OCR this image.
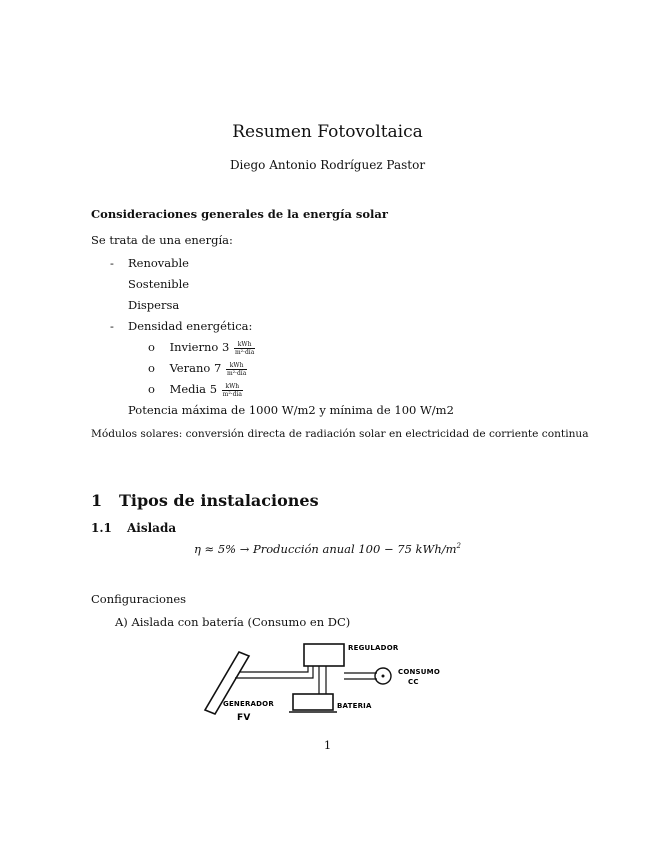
Resumen Fotovoltaica
Diego Antonio Rodríguez Pastor
Consideraciones generales de la energía solar
Se trata de una energía:
- Renovable
Sostenible
Dispersa
- Densidad energética:
o Invierno $3 \frac{\text{kWh}}{\text{m²·día}}$
o Verano $7 \frac{\text{kWh}}{\text{m²·día}}$
o Media $5 \frac{\text{kWh}}{\text{m²·día}}$
Potencia máxima de 1000 W/m2 y mínima de 100 W/m2
Módulos solares: conversión directa de radiación solar en electricidad de corriente continua
1 Tipos de instalaciones
1.1 Aislada
η ≈ 5% → Producción anual 100 − 75 kWh/$m^2$
Configuraciones
A) Aislada con batería (Consumo en DC)
REGULADOR
CONSUMO
CC
BATERIA
GENERADOR
FV
1
